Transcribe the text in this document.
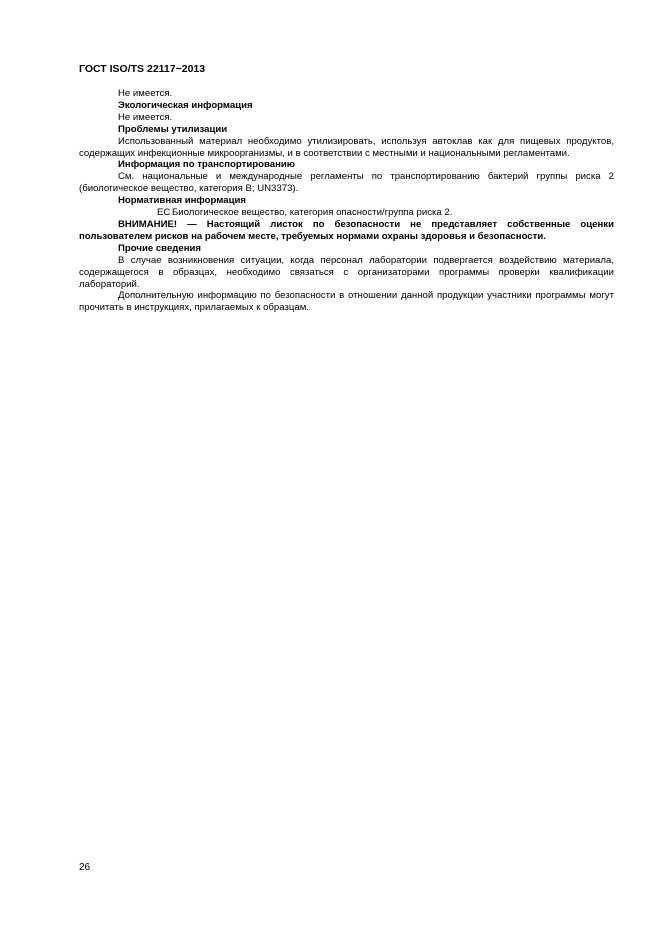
ГОСТ ISO/TS 22117−2013

Не имеется.

Экологическая информация

Не имеется.

Проблемы утилизации

Использованный материал необходимо утилизировать, используя автоклав как для пищевых продуктов, содержащих инфекционные микроорганизмы, и в соответствии с местными и национальными регламентами.

Информация по транспортированию

См. национальные и международные регламенты по транспортированию бактерий группы риска 2 (биологическое вещество, категория В; UN3373).

Нормативная информация

ЕС Биологическое вещество, категория опасности/группа риска 2.

ВНИМАНИЕ! — Настоящий листок по безопасности не представляет собственные оценки пользователем рисков на рабочем месте, требуемых нормами охраны здоровья и безопасности.

Прочие сведения

В случае возникновения ситуации, когда персонал лаборатории подвергается воздействию материала, содержащегося в образцах, необходимо связаться с организаторами программы проверки квалификации лабораторий.

Дополнительную информацию по безопасности в отношении данной продукции участники программы могут прочитать в инструкциях, прилагаемых к образцам.

26
